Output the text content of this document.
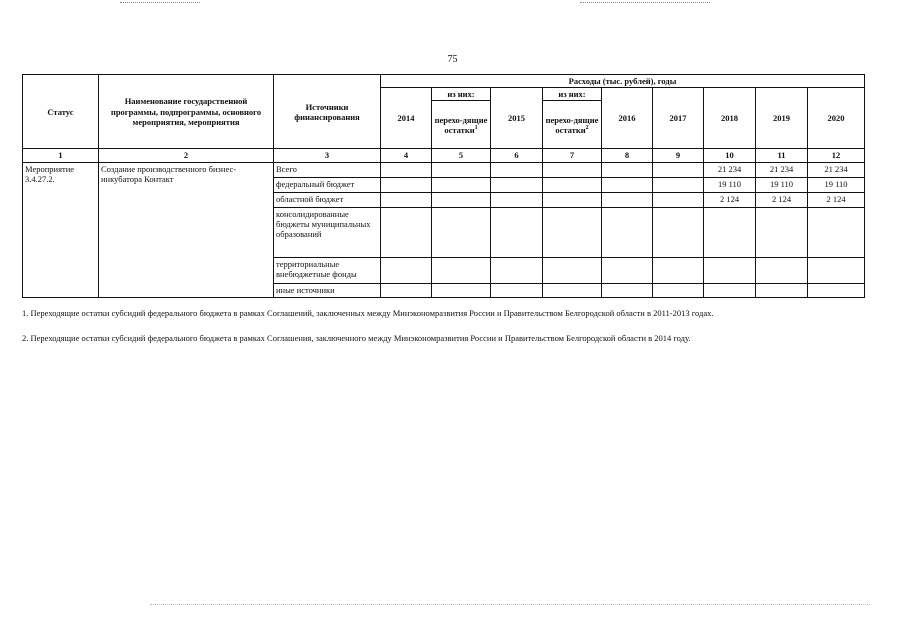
75
Статус	Наименование государственной программы, подпрограммы, основного мероприятия, мероприятия	Источники финансирования	Расходы (тыс. рублей), годы								
			2014	из них:	2015	из них:	2016	2017	2018	2019	2020
				перехо-дящие остатки$^1$		перехо-дящие остатки$^2$
1	2	3	4	5	6	7	8	9	10	11	12
Мероприятие 3.4.27.2.	Создание производственного бизнес-инкубатора Контакт	Всего							21 234	21 234	21 234
		федеральный бюджет							19 110	19 110	19 110
		областной бюджет							2 124	2 124	2 124
		консолидированные бюджеты муниципальных образований									
		территориальные внебюджетные фонды									
		иные источники									
1. Переходящие остатки субсидий федерального бюджета в рамках Соглашений, заключенных между Минэкономразвития России и Правительством Белгородской области в 2011-2013 годах.
2. Переходящие остатки субсидий федерального бюджета в рамках Соглашения, заключенного между Минэкономразвития России и Правительством Белгородской области в 2014 году.
